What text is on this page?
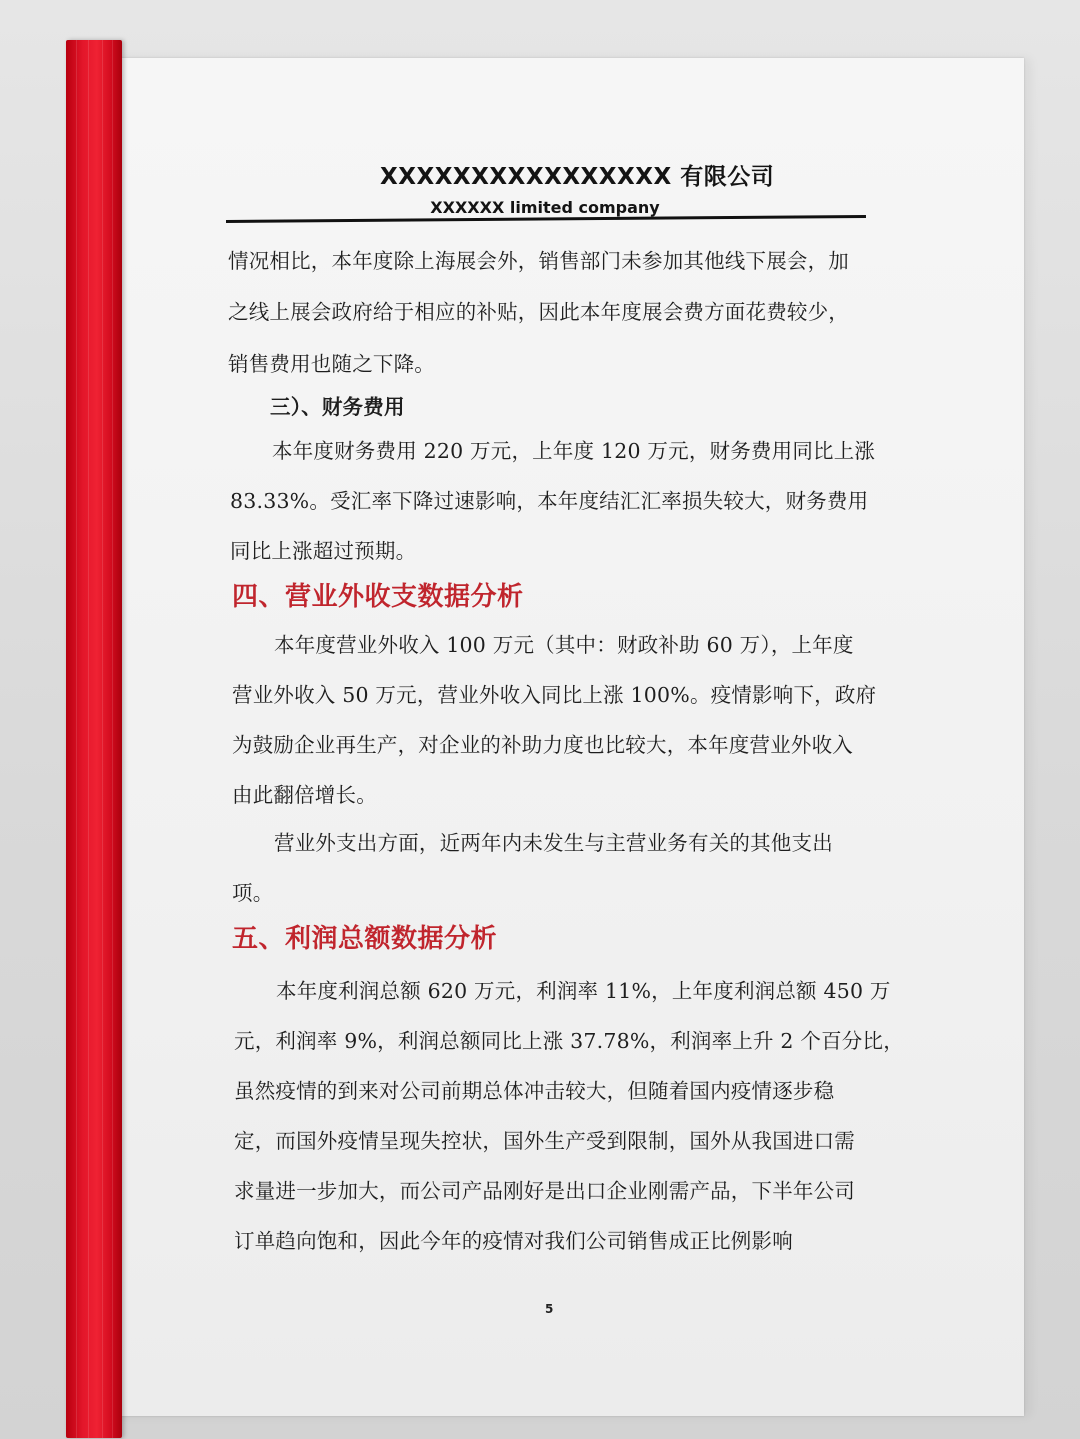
XXXXXXXXXXXXXXXX 有限公司
XXXXXX limited company
情况相比，本年度除上海展会外，销售部门未参加其他线下展会，加
之线上展会政府给于相应的补贴，因此本年度展会费方面花费较少，
销售费用也随之下降。
三）、财务费用
本年度财务费用 220 万元，上年度 120 万元，财务费用同比上涨
83.33%。受汇率下降过速影响，本年度结汇汇率损失较大，财务费用
同比上涨超过预期。
四、营业外收支数据分析
本年度营业外收入 100 万元（其中：财政补助 60 万），上年度
营业外收入 50 万元，营业外收入同比上涨 100%。疫情影响下，政府
为鼓励企业再生产，对企业的补助力度也比较大，本年度营业外收入
由此翻倍增长。
营业外支出方面，近两年内未发生与主营业务有关的其他支出
项。
五、利润总额数据分析
本年度利润总额 620 万元，利润率 11%，上年度利润总额 450 万
元，利润率 9%，利润总额同比上涨 37.78%，利润率上升 2 个百分比，
虽然疫情的到来对公司前期总体冲击较大，但随着国内疫情逐步稳
定，而国外疫情呈现失控状，国外生产受到限制，国外从我国进口需
求量进一步加大，而公司产品刚好是出口企业刚需产品，下半年公司
订单趋向饱和，因此今年的疫情对我们公司销售成正比例影响
5
